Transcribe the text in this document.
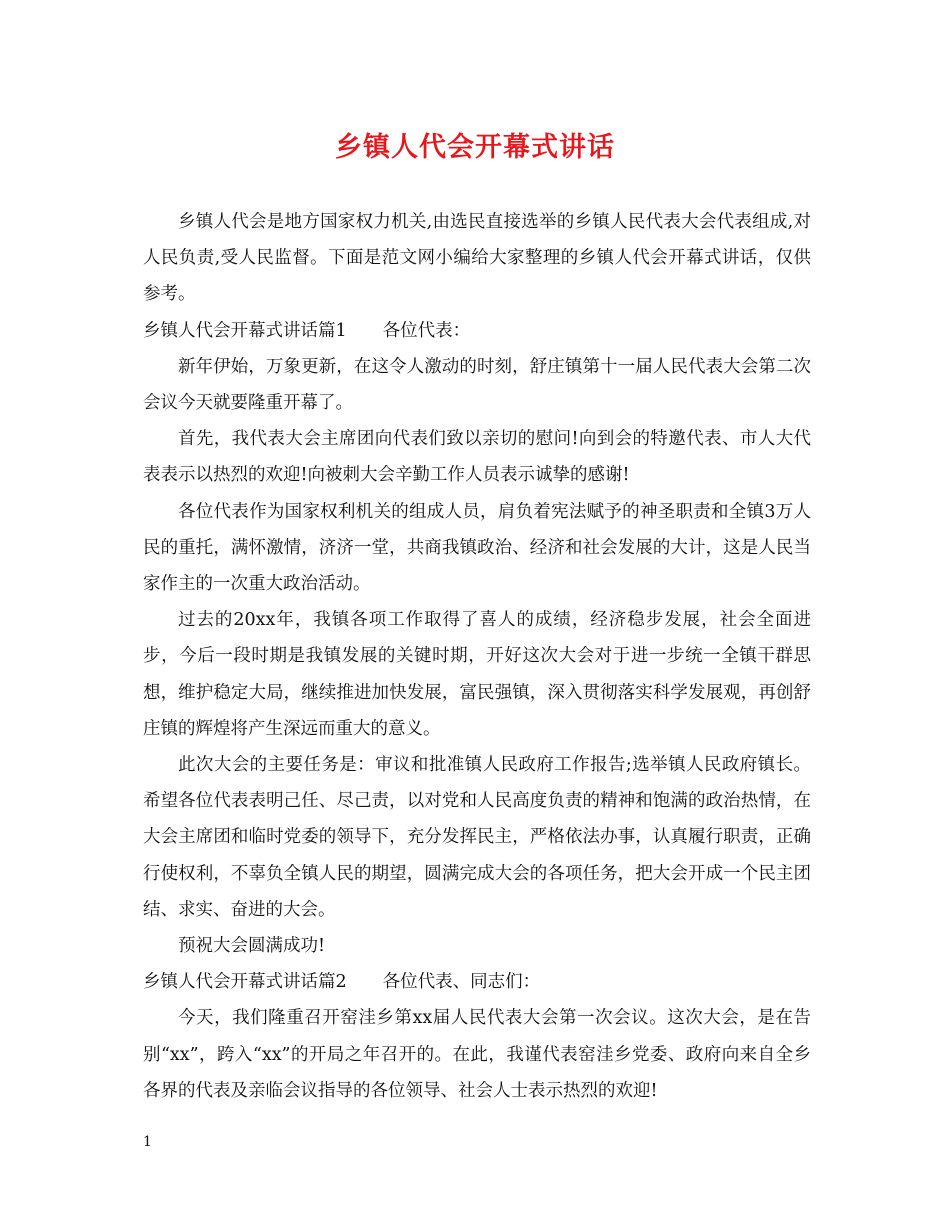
乡镇人代会开幕式讲话

乡镇人代会是地方国家权力机关,由选民直接选举的乡镇人民代表大会代表组成,对人民负责,受人民监督。下面是范文网小编给大家整理的乡镇人代会开幕式讲话，仅供参考。

乡镇人代会开幕式讲话篇1 各位代表：

新年伊始，万象更新，在这令人激动的时刻，舒庄镇第十一届人民代表大会第二次会议今天就要隆重开幕了。

首先，我代表大会主席团向代表们致以亲切的慰问!向到会的特邀代表、市人大代表表示以热烈的欢迎!向被刺大会辛勤工作人员表示诚挚的感谢!

各位代表作为国家权利机关的组成人员，肩负着宪法赋予的神圣职责和全镇3万人民的重托，满怀激情，济济一堂，共商我镇政治、经济和社会发展的大计，这是人民当家作主的一次重大政治活动。

过去的20xx年，我镇各项工作取得了喜人的成绩，经济稳步发展，社会全面进步，今后一段时期是我镇发展的关键时期，开好这次大会对于进一步统一全镇干群思想，维护稳定大局，继续推进加快发展，富民强镇，深入贯彻落实科学发展观，再创舒庄镇的辉煌将产生深远而重大的意义。

此次大会的主要任务是：审议和批准镇人民政府工作报告;选举镇人民政府镇长。 希望各位代表表明己任、尽己责，以对党和人民高度负责的精神和饱满的政治热情，在大会主席团和临时党委的领导下，充分发挥民主，严格依法办事，认真履行职责，正确行使权利，不辜负全镇人民的期望，圆满完成大会的各项任务，把大会开成一个民主团结、求实、奋进的大会。

预祝大会圆满成功!

乡镇人代会开幕式讲话篇2 各位代表、同志们：

今天，我们隆重召开窑洼乡第xx届人民代表大会第一次会议。这次大会，是在告别“xx”，跨入“xx”的开局之年召开的。在此，我谨代表窑洼乡党委、政府向来自全乡各界的代表及亲临会议指导的各位领导、社会人士表示热烈的欢迎!

1
